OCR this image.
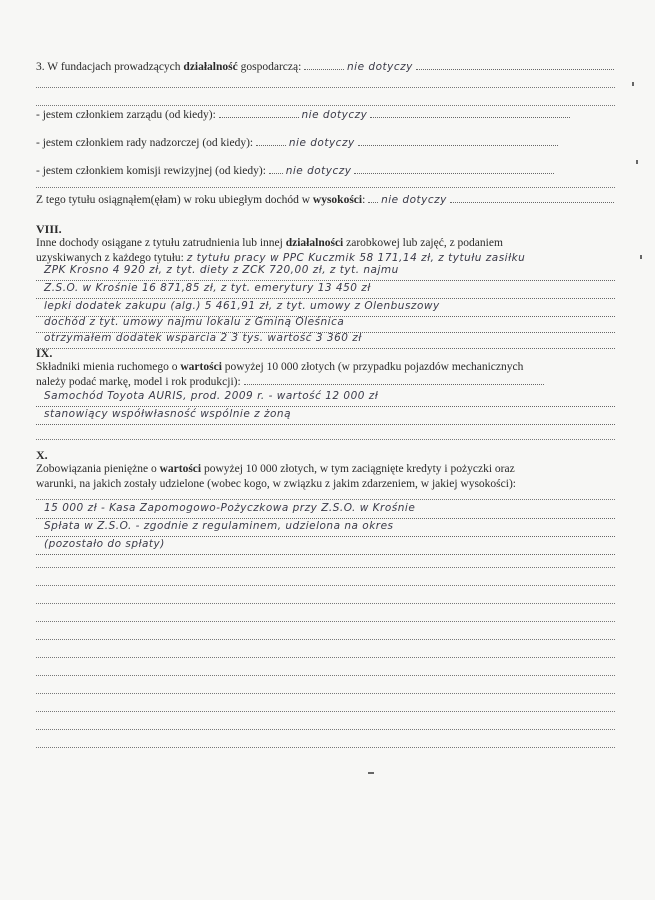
3. W fundacjach prowadzących działalność gospodarczą:	nie dotyczy
- jestem członkiem zarządu (od kiedy):	nie dotyczy
- jestem członkiem rady nadzorczej (od kiedy):	nie dotyczy
- jestem członkiem komisji rewizyjnej (od kiedy): nie dotyczy
Z tego tytułu osiągnąłem(ęłam) w roku ubiegłym dochód w wysokości: nie dotyczy
VIII.
Inne dochody osiągane z tytułu zatrudnienia lub innej działalności zarobkowej lub zajęć, z podaniem
uzyskiwanych z każdego tytułu: z tytułu pracy w PPC Kuczmik 58 171,14 zł, z tytułu zasiłku
ZPK Krosno 4 920 zł, z tyt. diety z ZCK 720,00 zł, z tyt. najmu
Z.S.O. w Krośnie 16 871,85 zł, z tyt. emerytury 13 450 zł
lepki dodatek zakupu (alg.) 5 461,91 zł, z tyt. umowy z Olenbuszowy
dochód z tyt. umowy najmu lokalu z Gminą Oleśnica
otrzymałem dodatek wsparcia 2 3 tys. wartość 3 360 zł
IX.
Składniki mienia ruchomego o wartości powyżej 10 000 złotych (w przypadku pojazdów mechanicznych
należy podać markę, model i rok produkcji):
Samochód Toyota AURIS, prod. 2009 r. - wartość 12 000 zł
stanowiący współwłasność wspólnie z żoną
X.
Zobowiązania pieniężne o wartości powyżej 10 000 złotych, w tym zaciągnięte kredyty i pożyczki oraz
warunki, na jakich zostały udzielone (wobec kogo, w związku z jakim zdarzeniem, w jakiej wysokości):
15 000 zł - Kasa Zapomogowo-Pożyczkowa przy Z.S.O. w Krośnie
Spłata w Z.S.O. - zgodnie z regulaminem, udzielona na okres
(pozostało do spłaty)
